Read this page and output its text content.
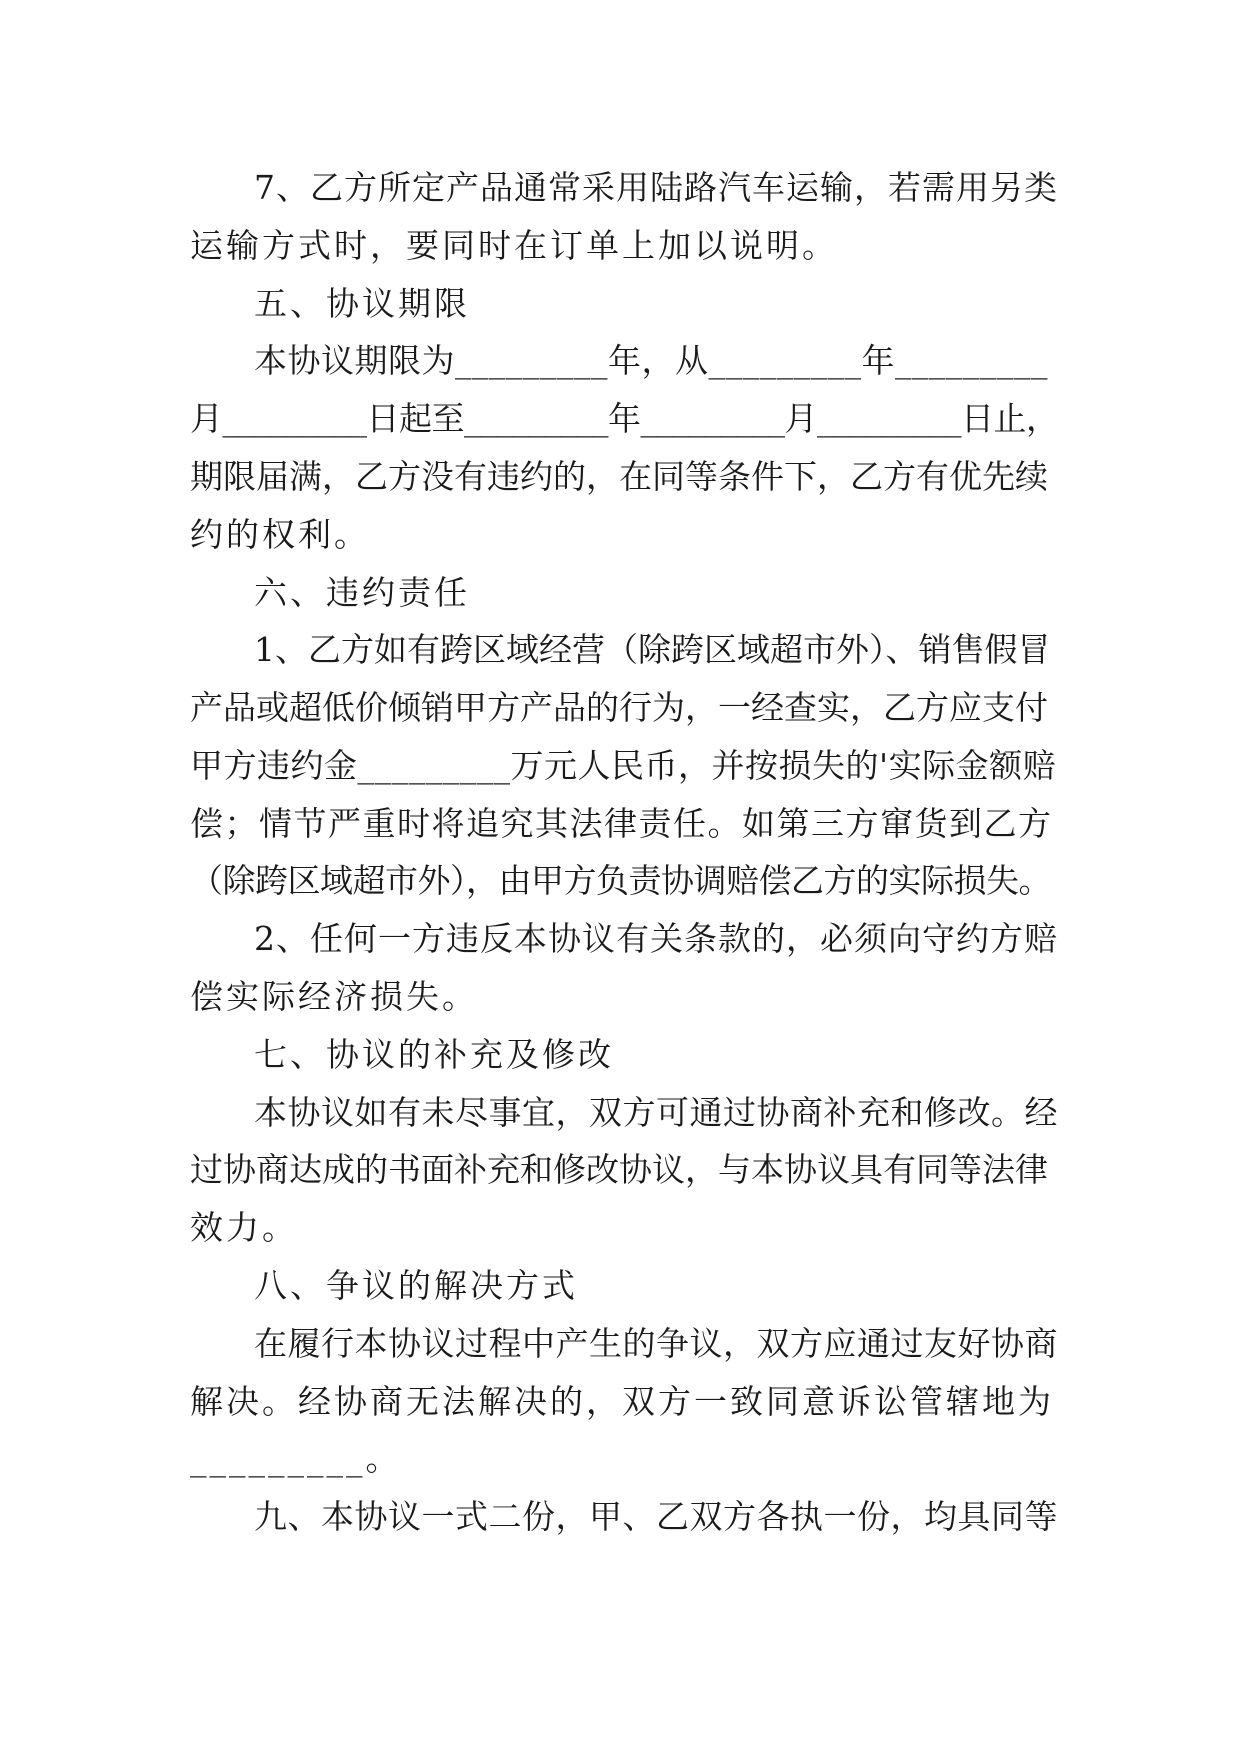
7、乙方所定产品通常采用陆路汽车运输，若需用另类
运输方式时，要同时在订单上加以说明。
五、协议期限
本协议期限为_________年，从_________年_________
月_________日起至_________年_________月_________日止，
期限届满，乙方没有违约的，在同等条件下，乙方有优先续
约的权利。
六、违约责任
1、乙方如有跨区域经营（除跨区域超市外）、销售假冒
产品或超低价倾销甲方产品的行为，一经查实，乙方应支付
甲方违约金_________万元人民币，并按损失的'实际金额赔
偿；情节严重时将追究其法律责任。如第三方窜货到乙方
（除跨区域超市外），由甲方负责协调赔偿乙方的实际损失。
2、任何一方违反本协议有关条款的，必须向守约方赔
偿实际经济损失。
七、协议的补充及修改
本协议如有未尽事宜，双方可通过协商补充和修改。经
过协商达成的书面补充和修改协议，与本协议具有同等法律
效力。
八、争议的解决方式
在履行本协议过程中产生的争议，双方应通过友好协商
解决。经协商无法解决的，双方一致同意诉讼管辖地为
_________。
九、本协议一式二份，甲、乙双方各执一份，均具同等
